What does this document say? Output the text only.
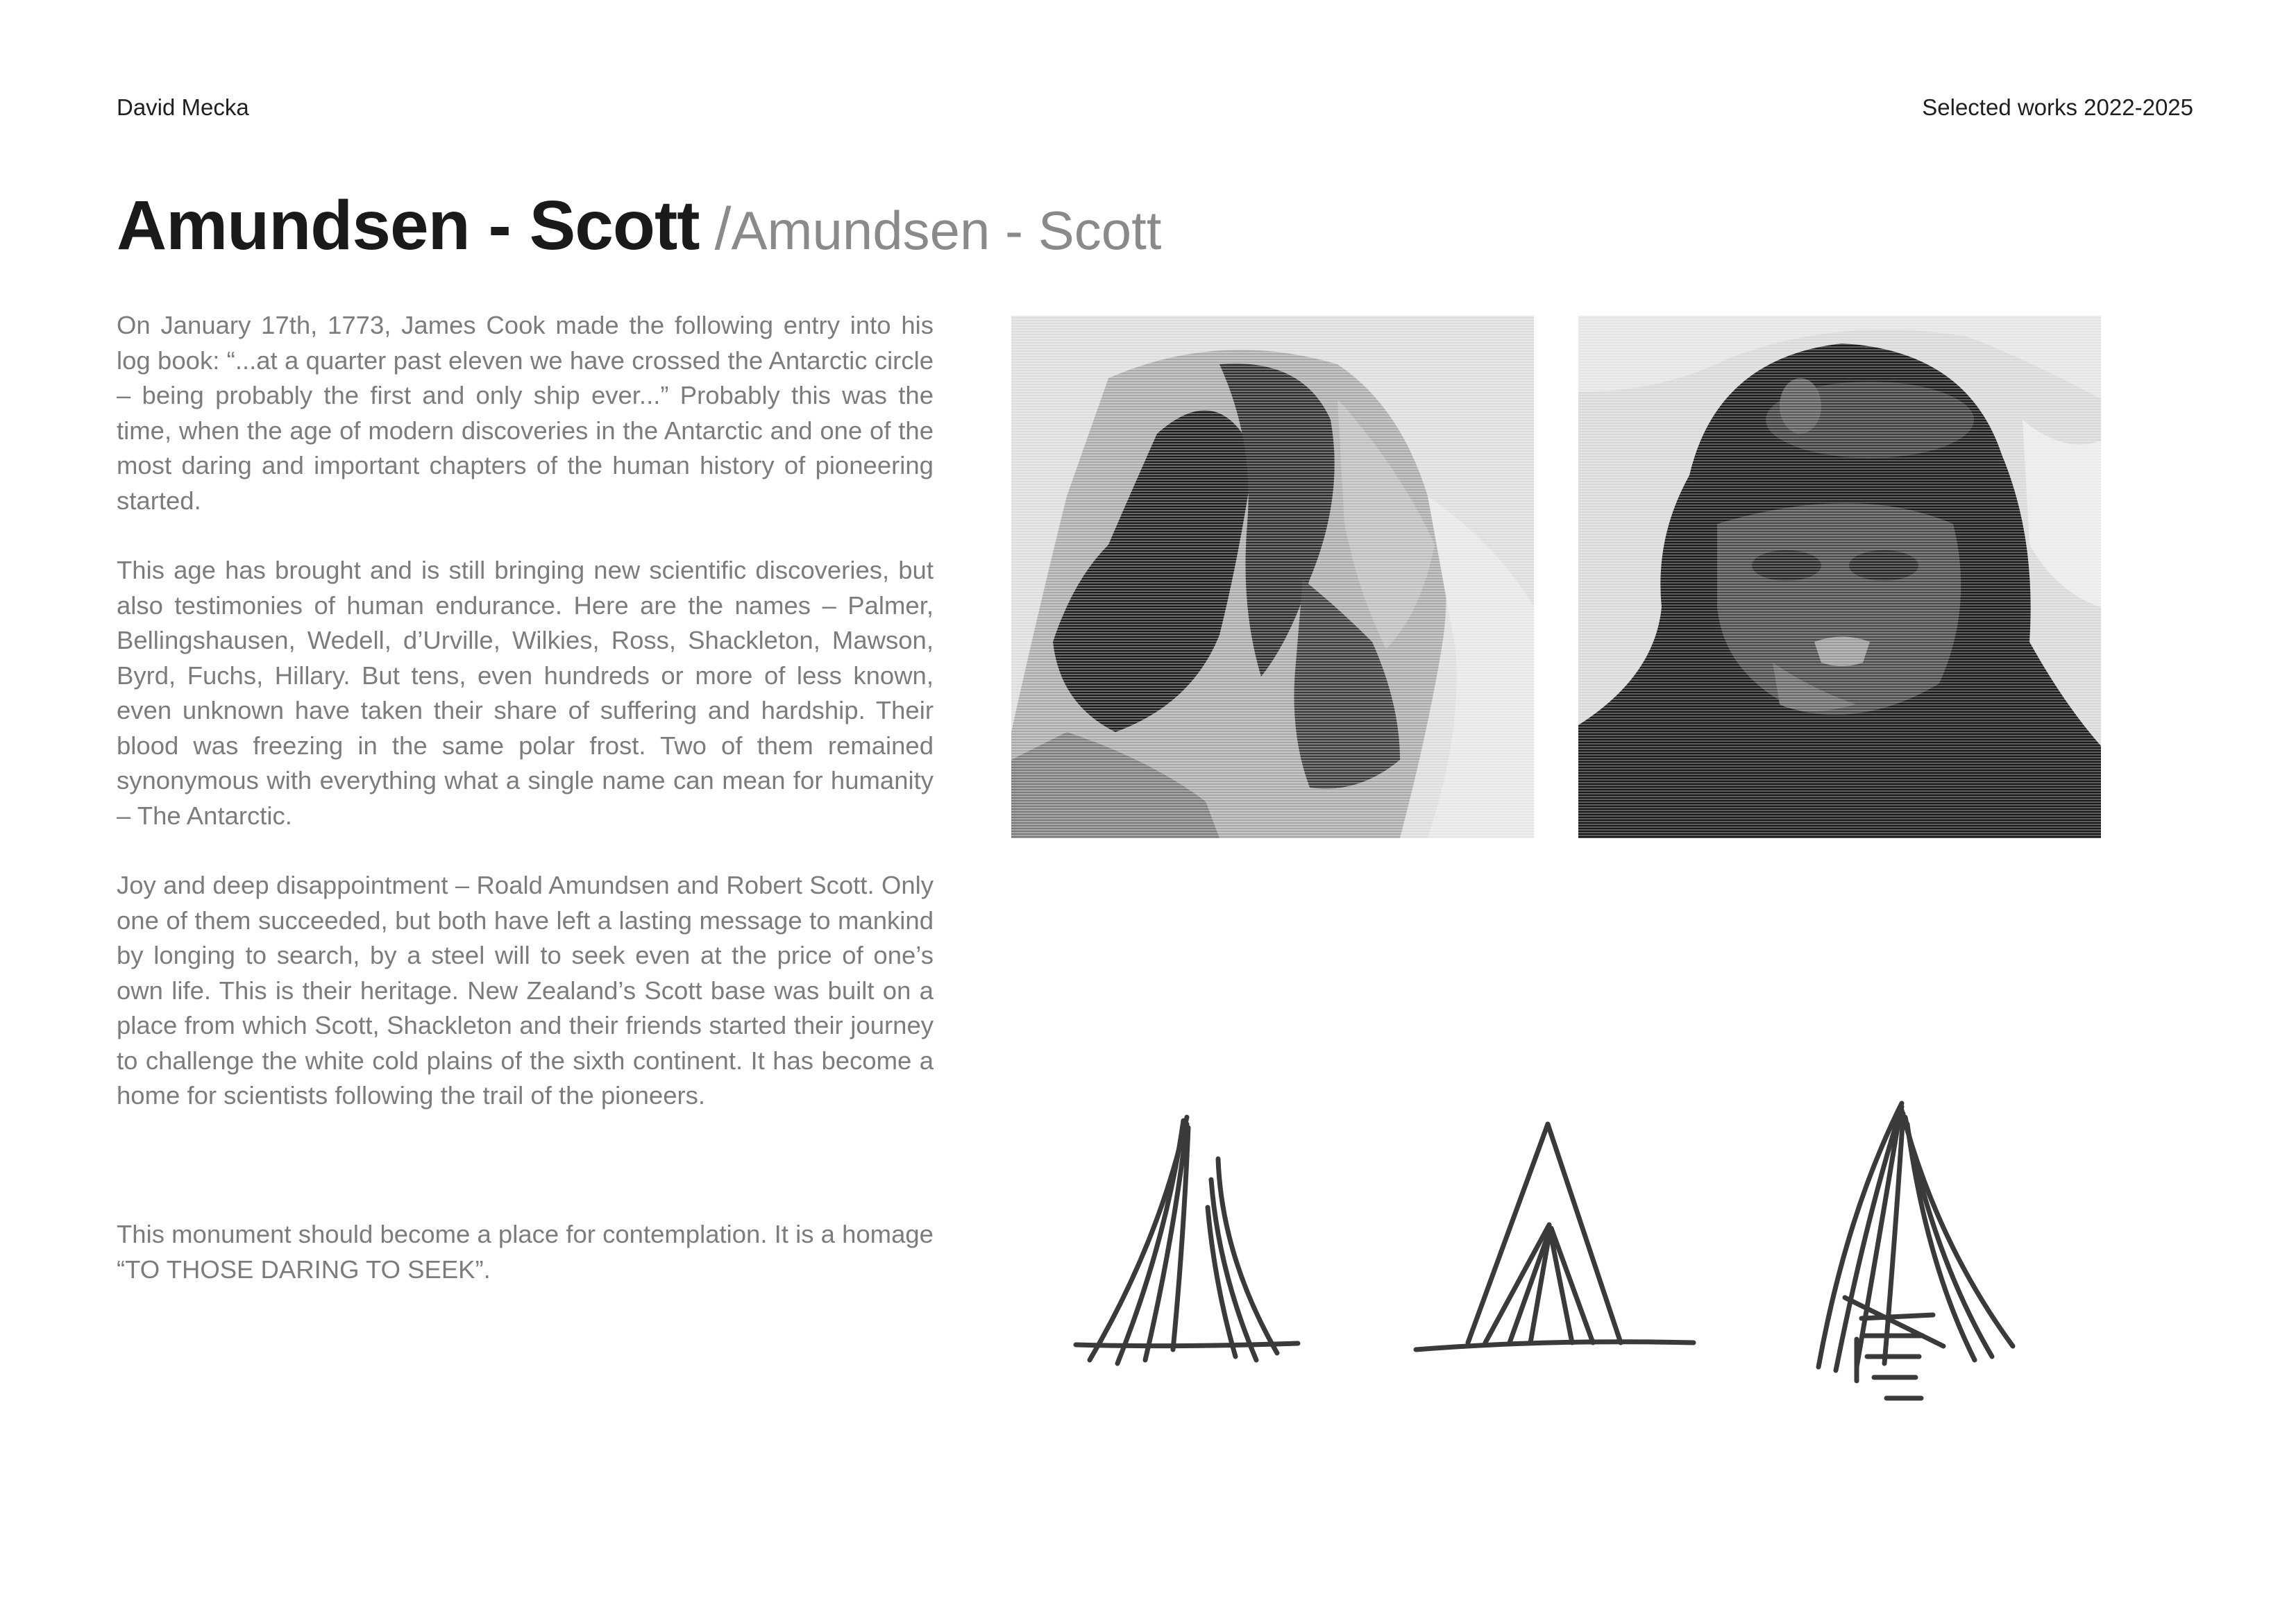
David Mecka	Selected works 2022-2025
Amundsen - Scott /Amundsen - Scott

On January 17th, 1773, James Cook made the following entry into his log book: “...at a quarter past eleven we have crossed the Antarctic circle – being probably the first and only ship ever...” Probably this was the time, when the age of modern discoveries in the Antarctic and one of the most daring and important chapters of the human history of pioneering started.

This age has brought and is still bringing new scientific discoveries, but also testimonies of human endurance. Here are the names – Palmer, Bellingshausen, Wedell, d’Urville, Wilkies, Ross, Shackleton, Mawson, Byrd, Fuchs, Hillary. But tens, even hundreds or more of less known, even unknown have taken their share of suffering and hardship. Their blood was freezing in the same polar frost. Two of them remained synonymous with everything what a single name can mean for humanity – The Antarctic.

Joy and deep disappointment – Roald Amundsen and Robert Scott. Only one of them succeeded, but both have left a lasting message to mankind by longing to search, by a steel will to seek even at the price of one’s own life. This is their heritage. New Zealand’s Scott base was built on a place from which Scott, Shackleton and their friends started their journey to challenge the white cold plains of the sixth continent. It has become a home for scientists following the trail of the pioneers.

This monument should become a place for contemplation. It is a homage “TO THOSE DARING TO SEEK”.
